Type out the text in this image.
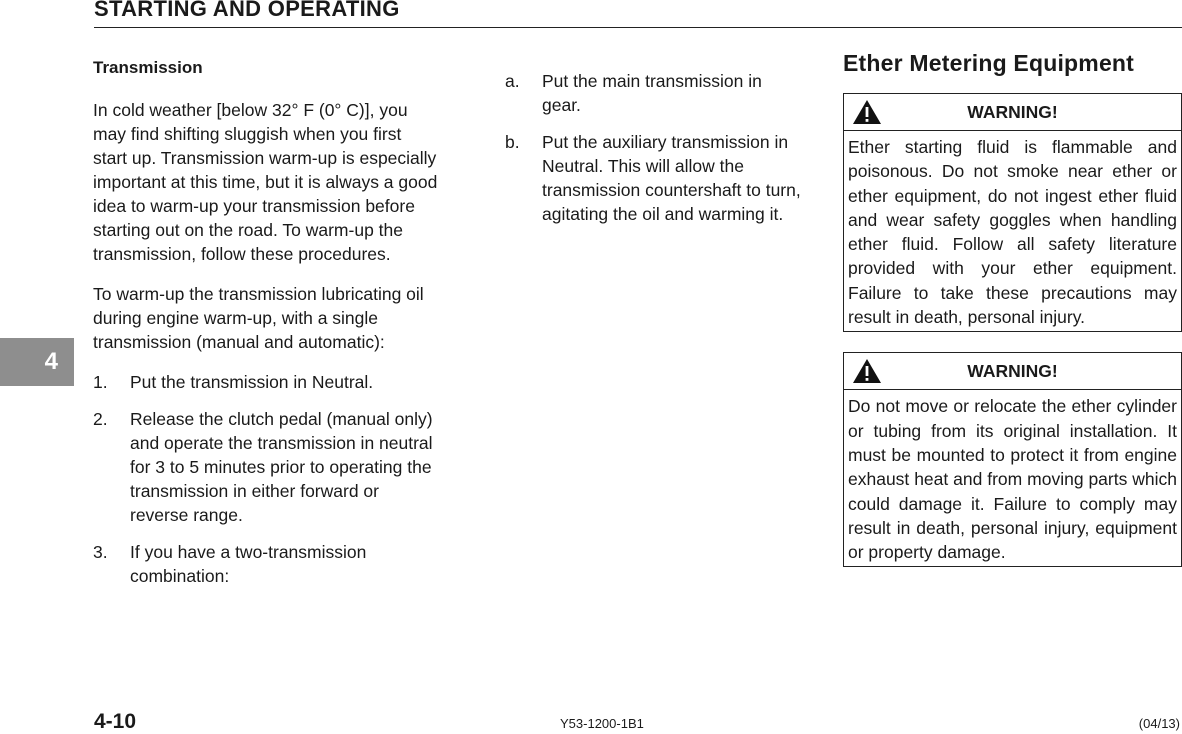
STARTING AND OPERATING
4
Transmission

In cold weather [below 32° F (0° C)], you may find shifting sluggish when you first start up. Transmission warm-up is especially important at this time, but it is always a good idea to warm-up your transmission before starting out on the road. To warm-up the transmission, follow these procedures.

To warm-up the transmission lubricating oil during engine warm-up, with a single transmission (manual and automatic):

1.	Put the transmission in Neutral.
2.	Release the clutch pedal (manual only) and operate the transmission in neutral for 3 to 5 minutes prior to operating the transmission in either forward or reverse range.
3.	If you have a two-transmission combination:
a.	Put the main transmission in gear.
b.	Put the auxiliary transmission in Neutral. This will allow the transmission countershaft to turn, agitating the oil and warming it.
Ether Metering Equipment
WARNING!
Ether starting fluid is flammable and poisonous. Do not smoke near ether or ether equipment, do not ingest ether fluid and wear safety goggles when handling ether fluid. Follow all safety literature provided with your ether equipment. Failure to take these precautions may result in death, personal injury.
WARNING!
Do not move or relocate the ether cylinder or tubing from its original installation. It must be mounted to protect it from engine exhaust heat and from moving parts which could damage it. Failure to comply may result in death, personal injury, equipment or property damage.
4-10	Y53-1200-1B1	(04/13)
